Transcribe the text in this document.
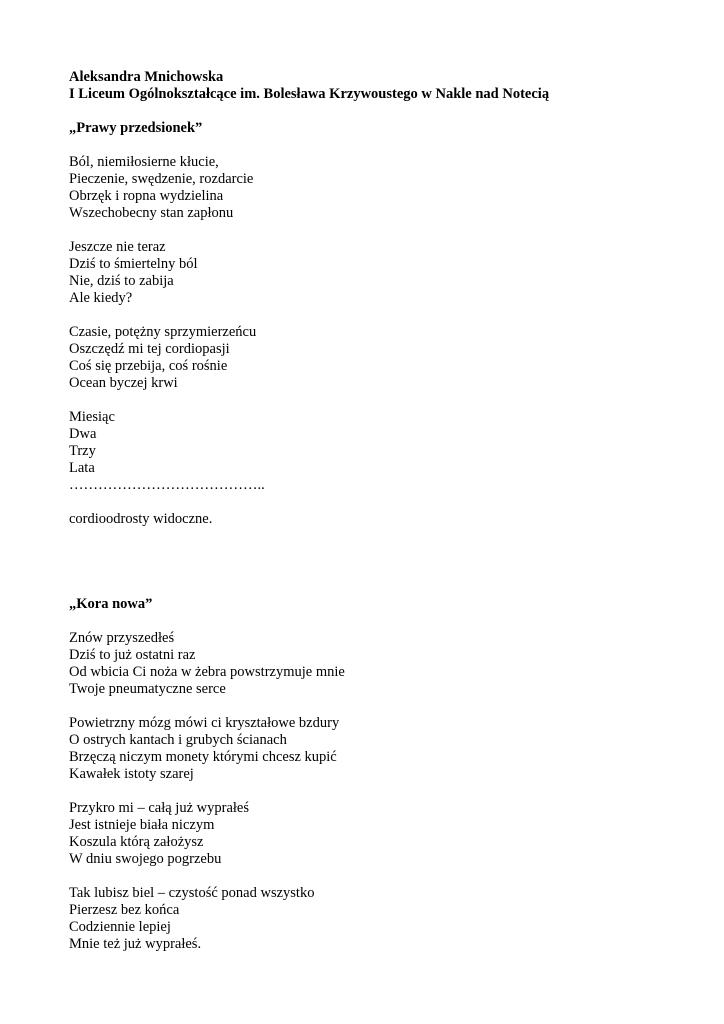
Aleksandra Mnichowska
I Liceum Ogólnokształcące im. Bolesława Krzywoustego w Nakle nad Notecią
„Prawy przedsionek”
Ból, niemiłosierne kłucie,
Pieczenie, swędzenie, rozdarcie
Obrzęk i ropna wydzielina
Wszechobecny stan zapłonu
Jeszcze nie teraz
Dziś to śmiertelny ból
Nie, dziś to zabija
Ale kiedy?
Czasie, potężny sprzymierzeńcu
Oszczędź mi tej cordiopasji
Coś się przebija, coś rośnie
Ocean byczej krwi
Miesiąc
Dwa
Trzy
Lata
…………………………………..
cordioodrosty widoczne.
„Kora nowa”
Znów przyszedłeś
Dziś to już ostatni raz
Od wbicia Ci noża w żebra powstrzymuje mnie
Twoje pneumatyczne serce
Powietrzny mózg mówi ci kryształowe bzdury
O ostrych kantach i grubych ścianach
Brzęczą niczym monety którymi chcesz kupić
Kawałek istoty szarej
Przykro mi – całą już wyprałeś
Jest istnieje biała niczym
Koszula którą założysz
W dniu swojego pogrzebu
Tak lubisz biel – czystość ponad wszystko
Pierzesz bez końca
Codziennie lepiej
Mnie też już wyprałeś.
